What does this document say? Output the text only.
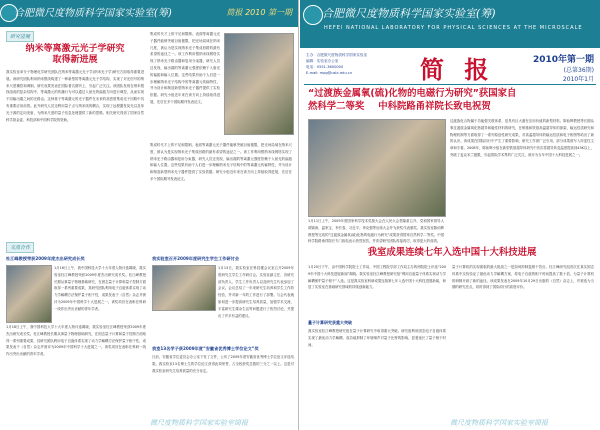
合肥微尺度物质科学国家实验室(筹)	简报 2010 第一期
研究进展
纳米等离激元光子学研究
取得新进展
我实验室单分子物理化学研究团队在纳米等离激元光子学(纳米光子学)研究方面取得重要进展。该研究团队利用纳米银线构建了一种新型的等离激元光子学结构，实现了对光信号的纳米尺度操控和调制。研究成果发表在国际著名期刊上，引起广泛关注。该团队发现在纳米银线组成的复杂结构中，等离激元的传播行为可以通过入射光的偏振方向进行调控，从而实现不同输出端之间的光路由。这种基于等离激元的光子器件在未来的高密度集成光子回路中具有重要应用前景。此外研究人员还利用量子点与纳米线的耦合，实现了远程激发荧光以及单光子源的定向发射，为纳米尺度的量子信息处理提供了新的思路。相关研究得到了国家自然科学基金委、科技部和中国科学院的资助。
集成时代才上的不足和限制。表面等离激元光子器件能够突破衍射极限，把光场局域在纳米尺度，被认为是实现纳米光子集成回路的最有希望的途径之一。该工作利用银纳米线网络实现了纳米光子路由器和复用分束器，研究人员还发现，输出端的等离激元强度依赖于入射光的偏振和输入位置。这些结果有助于人们进一步理解纳米光子结构中的等离激元传输特性，并为设计和制造新型纳米光子器件提供了实验依据。研究小组近年来在该方向上持续取得进展，先后在多个国际期刊发表论文。
集成时代才上的不足和限制。表面等离激元光子器件能够突破衍射极限，把光场局域在纳米尺度，被认为是实现纳米光子集成回路的最有希望的途径之一。该工作利用银纳米线网络实现了纳米光子路由器和复用分束器，研究人员还发现，输出端的等离激元强度依赖于入射光的偏振和输入位置。这些结果有助于人们进一步理解纳米光子结构中的等离激元传输特性，并为设计和制造新型纳米光子器件提供了实验依据。研究小组近年来在该方向上持续取得进展，先后在多个国际期刊发表论文。
交流合作
杜江峰教授荣获2009年度杰出研究成长奖
1月16日上午，我中国科技大学十大年度人物评选揭晓，我实验室杜江峰教授荣获2009年度杰出研究成长奖。杜江峰教授长期从事量子物理基础研究，在固态量子计算和量子控制方面取得一系列重要成果，其研究团队利用电子自旋体系实现了动力学解耦方法保护量子相干性，成果发表于《自然》杂志并被评为2009年中国科学十大进展之一。该奖项旨在表彰在科研一线作出突出贡献的青年学者。
1月16日上午，我中国科技大学十大年度人物评选揭晓，我实验室杜江峰教授荣获2009年度杰出研究成长奖。杜江峰教授长期从事量子物理基础研究，在固态量子计算和量子控制方面取得一系列重要成果，其研究团队利用电子自旋体系实现了动力学解耦方法保护量子相干性，成果发表于《自然》杂志并被评为2009年中国科学十大进展之一。该奖项旨在表彰在科研一线作出突出贡献的青年学者。
我实验室召开2009年度研究生学生工作研讨会
1月13日，我实验室在科技楼会议室召开2009年度研究生学生工作研讨会。实验室副主任、各研究部负责人、学生工作负责人以及研究生代表参加了会议。会议总结了一年来研究生培养和学生工作的经验，并对新一年的工作进行了部署。与会代表就如何进一步提高研究生培养质量、加强学术交流、丰富研究生课余生活等问题进行了热烈讨论，并提出了许多有益的建议。
我室13名学子获2009年度“安徽省优秀博士学位论文”奖
日前，安徽省学位委员会办公室下发了文件，公布了2009年度安徽省优秀博士学位论文评选结果。我实验室13名博士生的学位论文获得此项荣誉，占全校获奖总数的三分之一以上。这是对我实验室研究生培养质量的充分肯定。
微尺度物质科学国家实验室简报
合肥微尺度物质科学国家实验室(筹)
HEFEI NATIONAL LABORATORY FOR PHYSICAL SCIENCES AT THE MICROSCALE
主办：合肥微尺度物质科学国家实验室
编辑：实验室办公室
电话：0551-3600000
E-mail: mpg@ustc.edu.cn	简 报	2010年第一期
(总第36期)
2010年1月
“过渡族金属氧(硫)化物的电磁行为研究”获国家自
然科学二等奖 中科院路甬祥院长致电祝贺
过渡族化合物属于功能强关联体系，是具有巨大潜在应用价值的新型材料。陈仙辉教授等长期从事过渡族金属氧化物超导和磁性材料的研究，在铜基和铁基高温超导体的探索、输运性质研究和物理机制等方面取得了一系列原创性研究成果，对高温超导体的输运性质和电子相图等给出了新的认识。该成果在国际同行中产生了重要影响，研究工作被广泛引用，部分成果被写入综述性文章和专著。2008年，陈仙辉小组在新型铁基超导体研究中首次将超导转变温度提高到43K以上，突破了麦克米兰极限，引起国际学术界的广泛关注，被评为当年中国十大科技进展之一。
1月11日上午，2009年度国家科学技术奖励大会在人民大会堂隆重召开。党和国家领导人胡锦涛、温家宝、李长春、习近平、李克强等出席大会并为获奖代表颁奖。我实验室陈仙辉教授等完成的“过渡族金属氧(硫)化物的电磁行为研究”成果获得国家自然科学二等奖。中国科学院路甬祥院长专门致电表示热烈祝贺，并希望研究团队再接再厉，取得更大的成绩。
我室成果连续七年入选中国十大科技进展
1月20日下午，由中国科学院院士工作局、中国工程院学部工作局主办的两院院士评选“2009年中国十大科技进展新闻”揭晓。我实验室杜江峰教授研究组“利用自旋量子体系实现动力学解耦保护量子相干”入选。这是我实验室科研成果连续第七年入选中国十大科技进展新闻，彰显了实验室在基础研究领域的持续创新能力。
量子计算研究获重大突破
我实验室杜江峰教授研究组在量子计算研究中取得重大突破。研究组利用固态电子自旋体系实现了最优动力学解耦，成功地抑制了环境噪声对量子比特的影响，显著延长了量子相干时间。
量子计算机的实现面临的最大挑战之一是如何抑制退相干效应。杜江峰研究组首次在真实固态体系中实验验证了最优动力学解耦方案，将电子自旋的相干时间提高了数十倍，为量子计算机的研制开辟了新的途径。该成果发表在2009年10月29日出版的《自然》杂志上，并被选为当期的研究亮点，同时得到了国际同行的高度评价。
微尺度物质科学国家实验室简报
